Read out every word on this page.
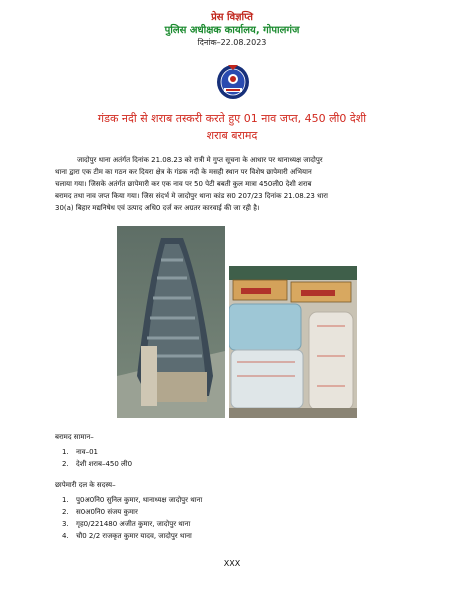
प्रेस विज्ञप्ति
पुलिस अधीक्षक कार्यालय, गोपालगंज
दिनांक–22.08.2023
गंडक नदी से शराब तस्करी करते हुए 01 नाव जप्त, 450 ली0 देशी
शराब बरामद
जादोपुर थाना अतंर्गत दिनांक 21.08.23 को रात्री मे गुप्त सूचना के आधार पर थानाध्यक्ष जादोपुर
थाना द्वारा एक टीम का गठन कर दियरा क्षेत्र के गंडक नदी के मसही स्थान पर विशेष छापेमारी अभियान
चलाया गया। जिसके अतंर्गत छापेमारी कर एक नाव पर 50 पेटी बबती कुल मात्रा 450ली0 देशी शराब
बरामद तथा नाव जप्त किया गया। जिस संदर्भ मे जादोपुर थाना कांड स0 207/23 दिनांक 21.08.23 धारा
30(a) बिहार मद्यनिषेध एवं उत्पाद अधि0 दर्ज कर अग्रतर कारवाई की जा रही है।
बरामद सामान–
1. नाव–01
2. देशी शराब–450 ली0
छापेमारी दल के सदस्य–
1. पु0अ0नि0 सुनिल कुमार, थानाध्यक्ष जादोपुर थाना
2. स0अ0नि0 संजय कुमार
3. गृह0/221480 अजीत कुमार, जादोपुर थाना
4. चौ0 2/2 राजकृत कुमार यादव, जादोपुर थाना
XXX
